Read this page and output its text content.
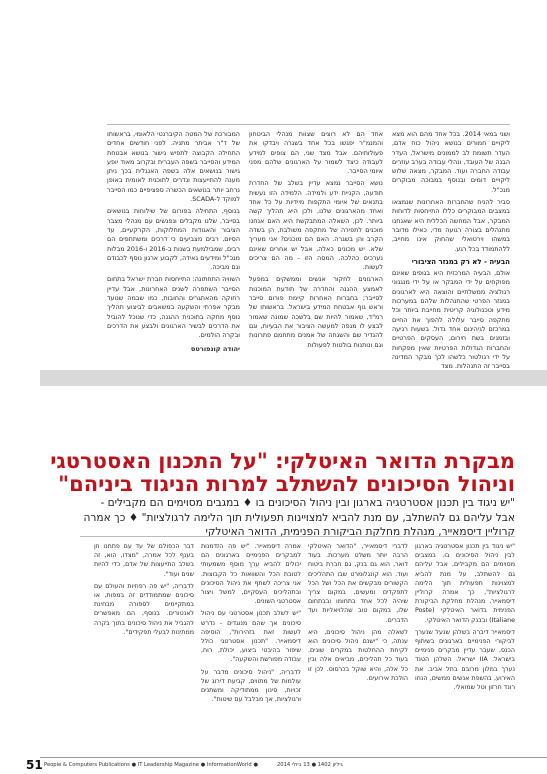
ושני במאי 2014. בכל אחד מהם הוא מצא ליקויים חמורים בנושא ניהול כוח אדם, העדר תשומת לב לממונים מישראל, העדר הבנה של העובד, ונהלי עבודה בערב עוזרים עבודה החברה ועוד. המבקר, מצאה שלוש ליקויים דומים ובנוסף במבוכה מבוקרים מנכ"ל.

סביר להניח שהחברות האחרונות שנמצאו במצבים המבוקרים כללו התייחסות לדוחות המבקר, אבל המחשה הכללית היא שאנחנו מתנהלים בצורה רגועה מדי, כאילו מדובר במשהו וירטואלי שהחוק אינו מחייב, ללהתמודד בכל רגע.

הבעיה - לא רק במגזר הציבורי

אולם, הבעיה המרכזית היא בגופים שאינם מפוקחים על ידי המבקר או על ידי מנגנוני רגולציה ממשלתיים והוצאה היא לארגונים במגזר הפרטי שהתנהלות שלהם במערכות מידע וטכנולוגיה קריטית מחייבת ביותר וכל מתקפה סייבר עלולה להפוך את החיים במרכזם לגיהינום אחד גדול. בשעות רגיעה ובזמנים בשת חירום, העסקים הפרטיים והחברות הגדולות הפרטיות שאין מפקחות על ידי רגולטור כלשהו לכך מבקר המדינה בסייבר זה התנהלות. מצד

אחד הם לא רוצים שצוות מנהלי הביטחון והמנמ"ר יפגשו בכל אחד בשגרה ויבדקו את פעולותיהם. אבל מצד שני, הם צופים למידע לעבודה כיצד לשמור על הארגונים שלהם מפני איומי הסייבר.

נושא הסייבר נמצא עדיין בשלב של החדרת תודעה, הקניית ידע ולמידה. הלמידה הזו נעשית בתנאים של איומי התקפות מיידיות על כל אחד ואחד מהארגונים שלנו, ולכן היא תהליך קשה ביותר. לכן, השאלה המתבקשת היא האם אנחנו מוכנים לתפירה של מתקפה משולבת, הן בשדה הקרב והן בשגרה. האם הם מוכנים? אני מעריך שלא. יש מכונים כאלה, אבל יש אחרים שאינם נערכים כהלכה. המסה הזו - מה הם צריכים לעשות.

הארגונים לחקור אנשים וממשקים במפעל לאמצע ההגנה והחדרה של תודעת המוכנות לסייבר; בחברות האחרות קיימת פורום סייבר וראש גוף אבטחת המידע בישראל. בראשותו של רמ"ד, שאמור להיות שם בלשכה שמונה שאמור לבצע לו מגפה למעשה הציבור את הבעיות, וגם להגדיר שם והשגחה של אמנים מתחמם פתרונות וגם ונותנות בולטות לפעולות

המבורכת של המטה הקיברנטי הלאומי, בראשותו של ד"ר אביתר מתניה. לפני חודשים אחדים התחילה הקבוצה לתפיש גישור בנושא אבטחת המידע והסייבר בשפה העברית ובקרוב מאוד יופע גישור בנושאים אלה בשפה האנגלית בכך ניתן מענה להתייעצות ונדרים לתוכנית לאומית באופן נרחב יותר בנושאים הכשרה ספציפיים כמו הסייבר למוקד ל-SCADA.

בנוסף, התחילה בפורום של שילוחות בנושאים בסייבר, שלנו מקבלים ונפגשים עם מנהלי מצבר הציבור והאגודות המחלוקות, הקרקעיים, עד הסיום, רבים מצביעים כי דרכים ומשתתפים הם רבים, שמבילמעת בשנות ב-2016 ו-2016 מבלות מנכ"ל ומידעים גאידה, לקבוע ארגון נוסף לכבודם וגם מביכה.

השוויה התחתונה: התייחסות חברת ישראל בתחום הסייבר השתפרה לשנים האחרונות, אבל עדיין רחוקה מהאתגרים והחובות, כמו שבמה שנועד מבקר אפרתי והשקעה במשאבים לביצוע תהליך נוסף מחקה בתוכנית ההגנה, כדי שנוכל להוביל את הדרכים לבשיר הארגונים ולבצע את הדרכים ובקרה הולמים.

יהודה קונפורטס
מבקרת הדואר האיטלקי: "על התכנון האסטרטגי
וניהול הסיכונים להשתלב למרות הניגוד ביניהם"
"יש ניגוד בין תכנון אסטרטגיה בארגון ובין ניהול הסיכונים בו ♦ במגבים מסוימים הם מקבילים - אבל עליהם גם להשתלב, עם מנת להביא למצויינות תפעולית תוך הלימה לרגולציות" ♦ כך אמרה קרוליין דיסמאייר, מנהלת מחלקת הביקורת הפנימית, הדואר האיטלקי

"יש ניגוד בין תכנון אסטרטגיה בארגון לבין ניהול הסיכונים בו. במצבים מסוימים הם מקבילים, אבל עליהם גם להשתלב, על מנת להביא למצוינות תפעולית תוך הלימה לרגולציות", כך אמרה קרוליין דיסמאייר, מנהלת מחלקת הביקורת הפנימית בדואר האיטלקי (Poste Italiane) ובבנק הדואר האיטלקי.

דיסמאייר דיברה בשלהן שנעל שנערך לביקורי הפנימיים בארגונים בשיתוף הכנס, שעבר עדיין מבקרים פנימיים בישראל. IIA ישראל. השלהן הטנד נערך במלון מרובם בתל אביב. את האירוע, בהשפת אנשים ממשים, הנחו רונד חרזון וטל שמואלי.

לדברי דיסמאייר, "הדואר האיטלקי הרבה יותר משלט מערכות. בעוד דואר, הוא גם בנק, גם חברת ביטוח ועוד. הוא קונגלומרט שבו התהליכים הקשורים מבקשים את הכל ושל הכל לתפקדים ומעשים, במקום צריך שיהיה לכל אחד בתחומו ובבתחום שלו, במקום טוב שהלויאליות ועד הדברים.

לשאלה מהן ניהול סיכונים, היא ענתה, כי "ישנם ניהול סיכונים הוא לקיחת ההחלטות במקרים שונים. בעוד כל תהליכים, מביאים אלה ובין כל אלה, והיא שוקל בכרסוס. לכן זו הולכת אירועים.

אמרה דיסמאייר. "יש פה הזדמנות למבקרים הפנימיים בארגונים הם יכולים להביא ערך מוסף משמעותי לטובת הכל והשוואות כל הקבוצות. אני צריכה לשתף את ניהול הסיכונים ובתהליכים העסקיים, למשל ויצור אסטרטגי השונים.

"יש לשלב תכנון אסטרטגי עם ניהול סיכונים אך שהם מנוגדים - נדרש לעשות זאת בזהירות", הוסיפה דיסמאייר. "תכנון אסטרטגי כולל שיפור בהיבטי ביצוע, יכולת, רוח, עבודה מפורשת והשקעה".

לדבריה, "ניהול סיכונים מדבר על עולמות של מתווים, קביעת דירוג של זכויות, סינון ממתודיקה ומשתנים ורגולציות, אך מבלבל עם שיטות".

דבר הכפולם של עד עם פתחנו וזן בענף לכל אמרה, "מצדו, הוא, זה בשלב התייעצות של אדם, כדי להיות שנים ועוד".

לדבריה, "יש פה רפוזיות והעולם עם סיכונים שמתמודדים זה במפות, או במתקיימים לספורה מבחינת לאנטורים. בנוסף, הם מאפשרים להגביל את ניהול סיכונים בתוך בקרה ממתינות לבעלי תפקידים".

51 People & Computers Publications ● IT Leadership Magazine ● InformationWorld ●	גיליון 1402 ● 13 ביולי 2014
